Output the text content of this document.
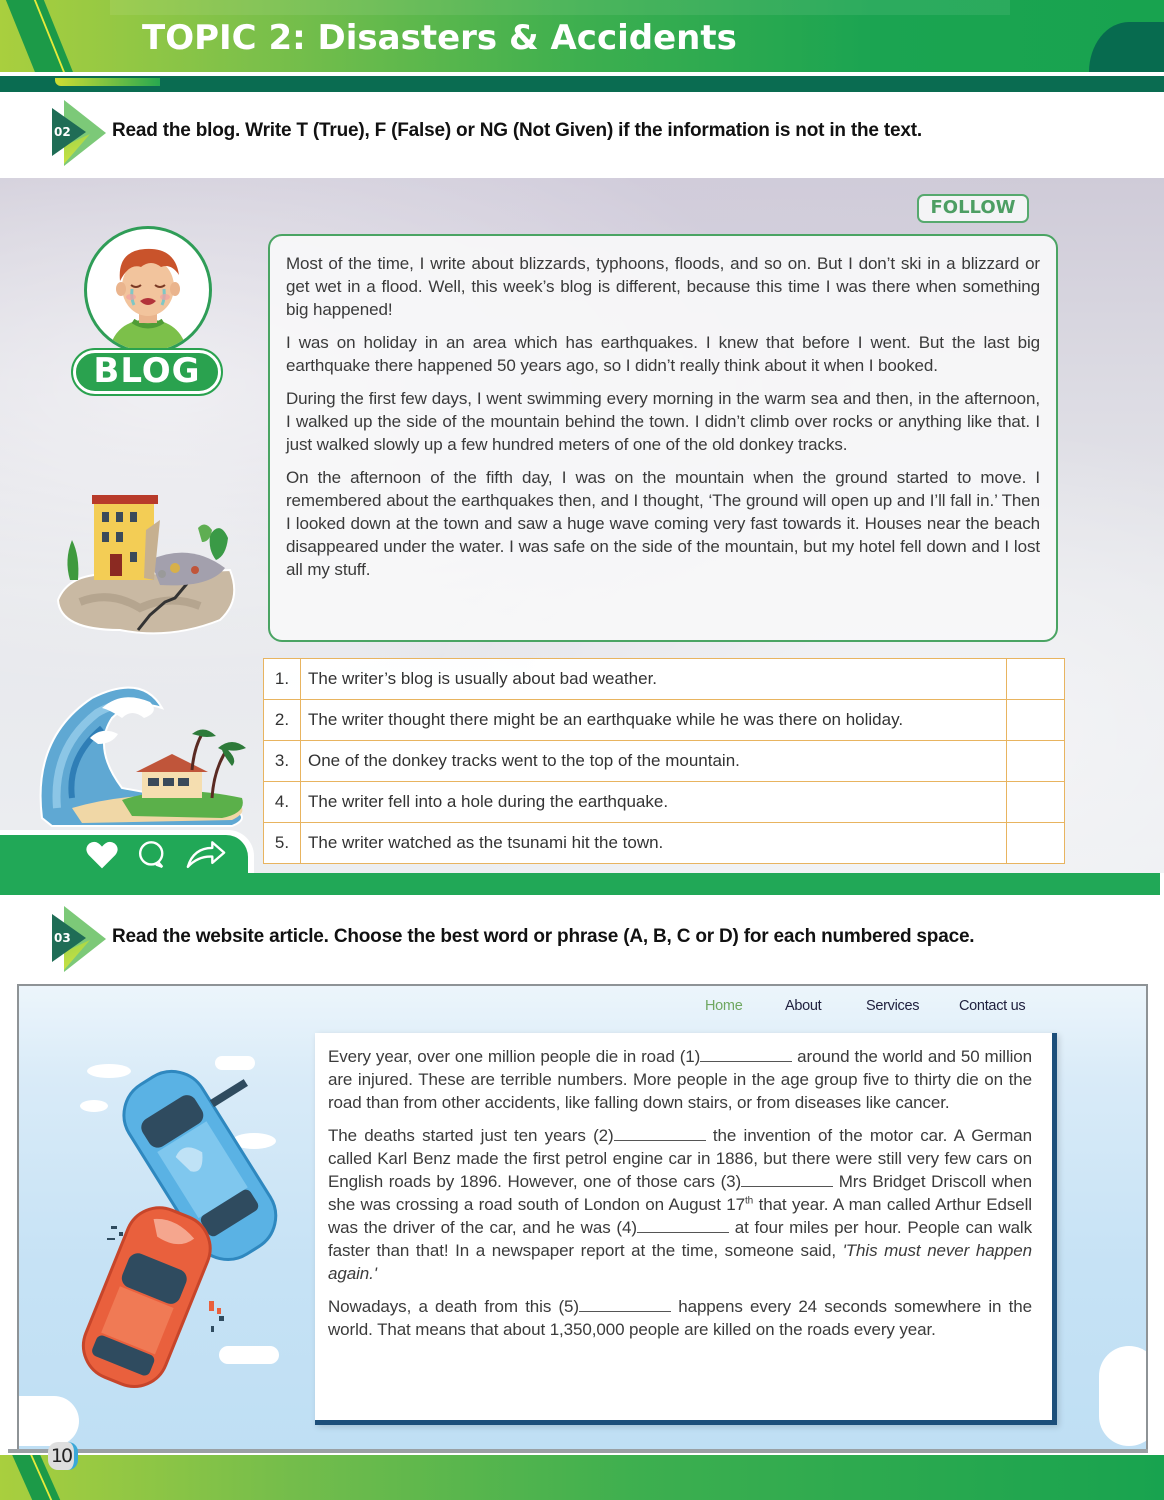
TOPIC 2: Disasters & Accidents
02 Read the blog. Write T (True), F (False) or NG (Not Given) if the information is not in the text.
BLOG
FOLLOW

Most of the time, I write about blizzards, typhoons, floods, and so on. But I don’t ski in a blizzard or get wet in a flood. Well, this week’s blog is different, because this time I was there when something big happened!

I was on holiday in an area which has earthquakes. I knew that before I went. But the last big earthquake there happened 50 years ago, so I didn’t really think about it when I booked.

During the first few days, I went swimming every morning in the warm sea and then, in the afternoon, I walked up the side of the mountain behind the town. I didn’t climb over rocks or anything like that. I just walked slowly up a few hundred meters of one of the old donkey tracks.

On the afternoon of the fifth day, I was on the mountain when the ground started to move. I remembered about the earthquakes then, and I thought, ‘The ground will open up and I’ll fall in.’ Then I looked down at the town and saw a huge wave coming very fast towards it. Houses near the beach disappeared under the water. I was safe on the side of the mountain, but my hotel fell down and I lost all my stuff.

1.	The writer’s blog is usually about bad weather.	
2.	The writer thought there might be an earthquake while he was there on holiday.	
3.	One of the donkey tracks went to the top of the mountain.	
4.	The writer fell into a hole during the earthquake.	
5.	The writer watched as the tsunami hit the town.	
03 Read the website article. Choose the best word or phrase (A, B, C or D) for each numbered space.
Home	About	Services	Contact us

Every year, over one million people die in road (1)	around the world and 50 million are injured. These are terrible numbers. More people in the age group five to thirty die on the road than from other accidents, like falling down stairs, or from diseases like cancer.

The deaths started just ten years (2)	the invention of the motor car. A German called Karl Benz made the first petrol engine car in 1886, but there were still very few cars on English roads by 1896. However, one of those cars (3)	Mrs Bridget Driscoll when she was crossing a road south of London on August 17th that year. A man called Arthur Edsell was the driver of the car, and he was (4)	at four miles per hour. People can walk faster than that! In a newspaper report at the time, someone said, 'This must never happen again.'

Nowadays, a death from this (5)	happens every 24 seconds somewhere in the world. That means that about 1,350,000 people are killed on the roads every year.

10
